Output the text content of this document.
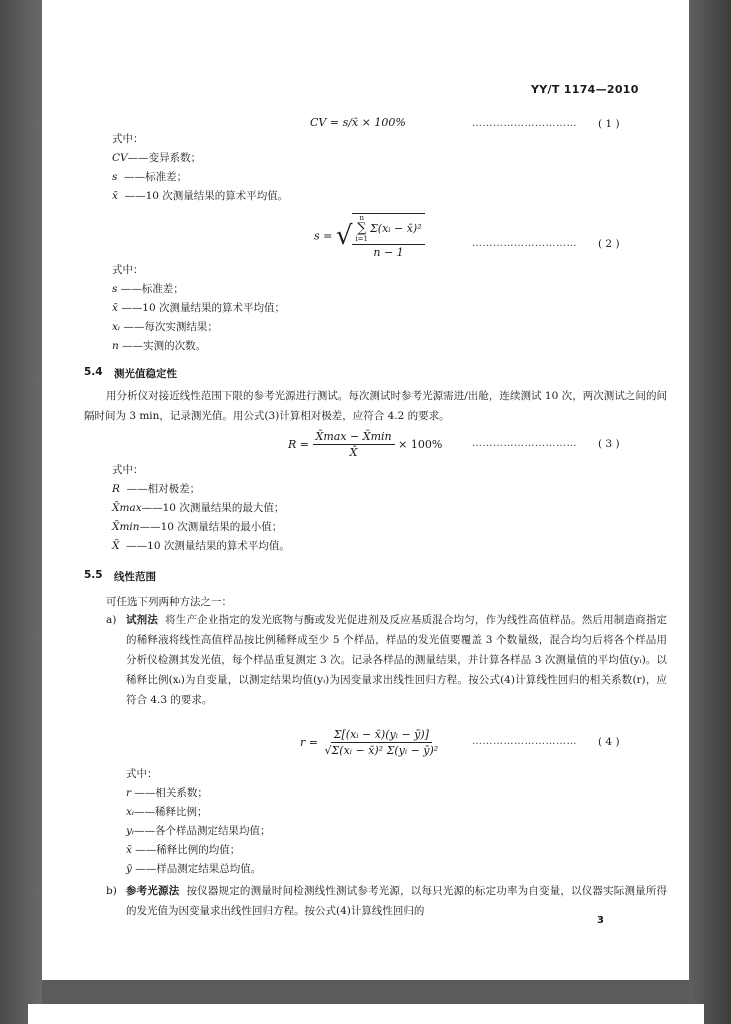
YY/T 1174—2010
CV = s/x̄ × 100%	………………………… ( 1 )
式中：
CV——变异系数；
s ——标准差；
x̄ ——10 次测量结果的算术平均值。
s = √ n
∑
i=1
Σ(xᵢ − x̄)²
n − 1	………………………… ( 2 )
式中：
s ——标准差；
x̄ ——10 次测量结果的算术平均值；
xᵢ ——每次实测结果；
n ——实测的次数。
5.4 测光值稳定性
用分析仪对接近线性范围下限的参考光源进行测试。每次测试时参考光源需进/出舱，连续测试 10 次，两次测试之间的间隔时间为 3 min，记录测光值。用公式(3)计算相对极差，应符合 4.2 的要求。
$R = \frac{X̄\max - X̄\min}{X̄} \times 100\%$	………………………… ( 3 )
式中：
R ——相对极差；
X̄max——10 次测量结果的最大值；
X̄min——10 次测量结果的最小值；
X̄ ——10 次测量结果的算术平均值。
5.5 线性范围
可任选下列两种方法之一：
a) 试剂法 将生产企业指定的发光底物与酶或发光促进剂及反应基质混合均匀，作为线性高值样品。然后用制造商指定的稀释液将线性高值样品按比例稀释成至少 5 个样品，样品的发光值要覆盖 3 个数量级，混合均匀后将各个样品用分析仪检测其发光值，每个样品重复测定 3 次。记录各样品的测量结果，并计算各样品 3 次测量值的平均值(yᵢ)。以稀释比例(xᵢ)为自变量，以测定结果均值(yᵢ)为因变量求出线性回归方程。按公式(4)计算线性回归的相关系数(r)，应符合 4.3 的要求。
$r = \frac{\text{Σ[(xᵢ − x̄)(yᵢ − ȳ)]}}{\text{√Σ(xᵢ − x̄)² Σ(yᵢ − ȳ)²}}$	………………………… ( 4 )
式中：
r ——相关系数；
xᵢ——稀释比例；
yᵢ——各个样品测定结果均值；
x̄ ——稀释比例的均值；
ȳ ——样品测定结果总均值。
b) 参考光源法 按仪器规定的测量时间检测线性测试参考光源，以每只光源的标定功率为自变量，以仪器实际测量所得的发光值为因变量求出线性回归方程。按公式(4)计算线性回归的
3
